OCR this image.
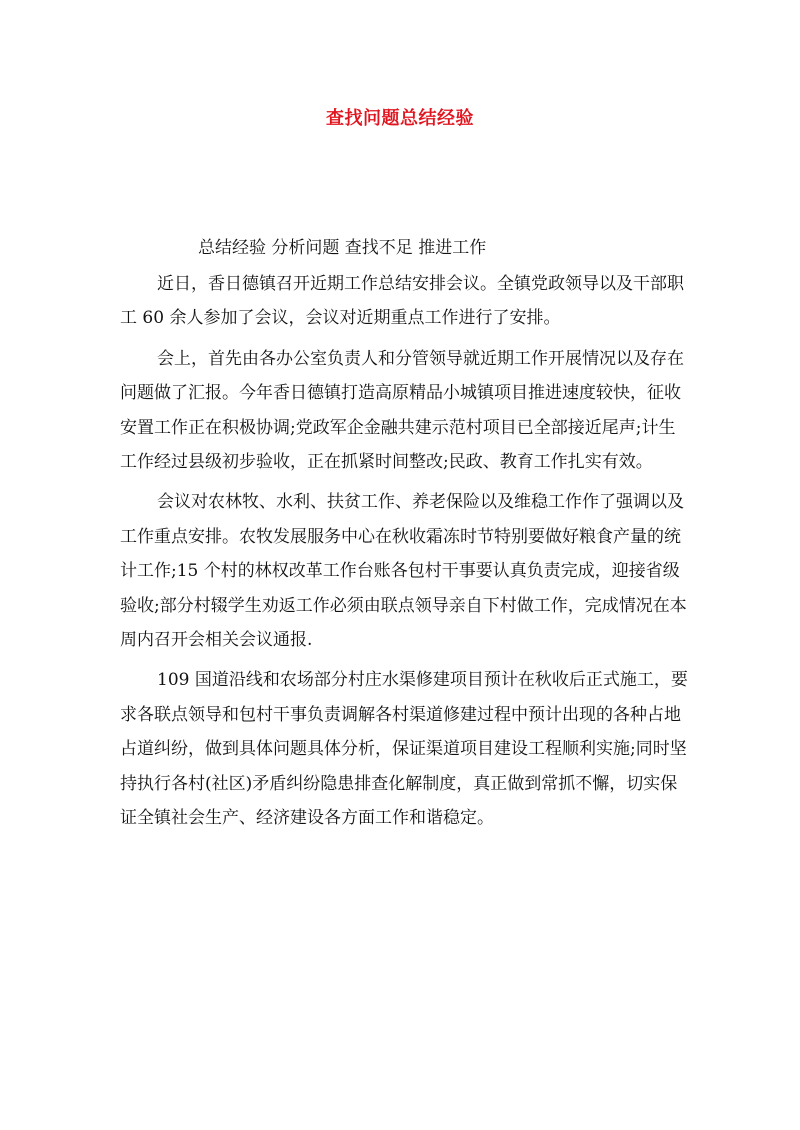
查找问题总结经验
总结经验 分析问题 查找不足 推进工作

近日，香日德镇召开近期工作总结安排会议。全镇党政领导以及干部职工 60 余人参加了会议，会议对近期重点工作进行了安排。

会上，首先由各办公室负责人和分管领导就近期工作开展情况以及存在问题做了汇报。今年香日德镇打造高原精品小城镇项目推进速度较快，征收安置工作正在积极协调;党政军企金融共建示范村项目已全部接近尾声;计生工作经过县级初步验收，正在抓紧时间整改;民政、教育工作扎实有效。

会议对农林牧、水利、扶贫工作、养老保险以及维稳工作作了强调以及工作重点安排。农牧发展服务中心在秋收霜冻时节特别要做好粮食产量的统计工作;15 个村的林权改革工作台账各包村干事要认真负责完成，迎接省级验收;部分村辍学生劝返工作必须由联点领导亲自下村做工作，完成情况在本周内召开会相关会议通报.

109 国道沿线和农场部分村庄水渠修建项目预计在秋收后正式施工，要求各联点领导和包村干事负责调解各村渠道修建过程中预计出现的各种占地占道纠纷，做到具体问题具体分析，保证渠道项目建设工程顺利实施;同时坚持执行各村(社区)矛盾纠纷隐患排查化解制度，真正做到常抓不懈，切实保证全镇社会生产、经济建设各方面工作和谐稳定。
